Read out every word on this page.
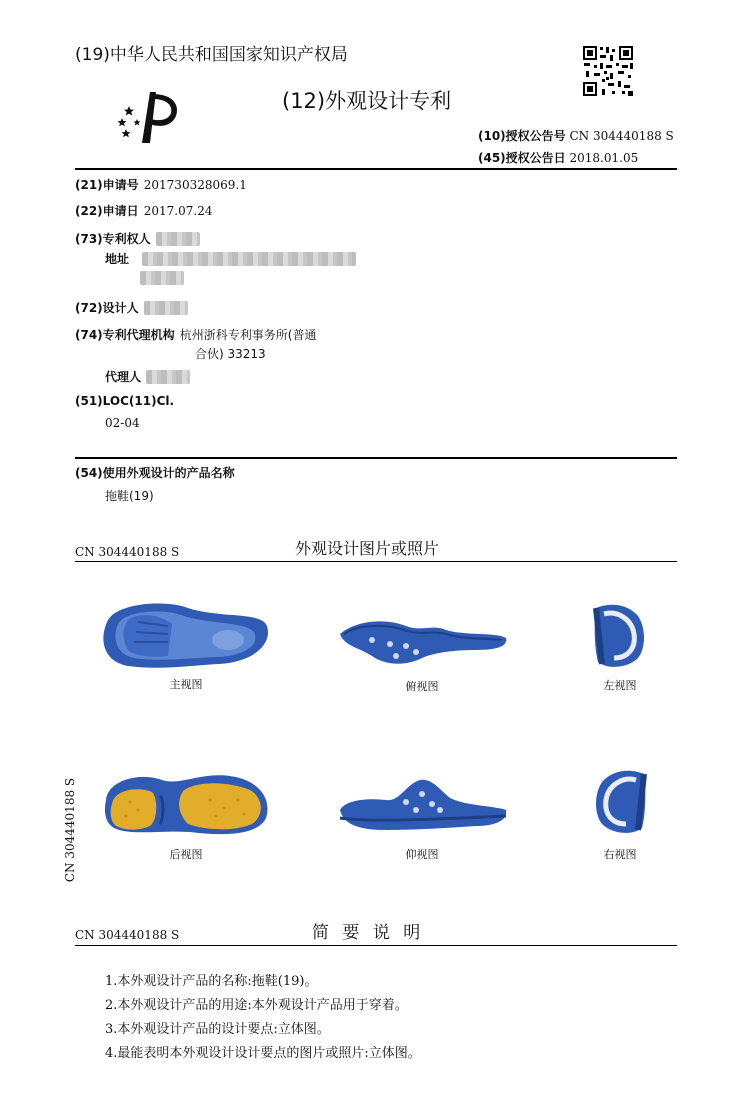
(19)中华人民共和国国家知识产权局
(12)外观设计专利
(10)授权公告号 CN 304440188 S
(45)授权公告日 2018.01.05
(21)申请号 201730328069.1
(22)申请日 2017.07.24
(73)专利权人
地址
(72)设计人
(74)专利代理机构 杭州浙科专利事务所(普通
合伙) 33213
代理人
(51)LOC(11)Cl.
02-04
(54)使用外观设计的产品名称
拖鞋(19)
CN 304440188 S	外观设计图片或照片
主视图	俯视图	左视图
后视图	仰视图	右视图
CN 304440188 S
CN 304440188 S	简 要 说 明
1.本外观设计产品的名称:拖鞋(19)。
2.本外观设计产品的用途:本外观设计产品用于穿着。
3.本外观设计产品的设计要点:立体图。
4.最能表明本外观设计设计要点的图片或照片:立体图。
